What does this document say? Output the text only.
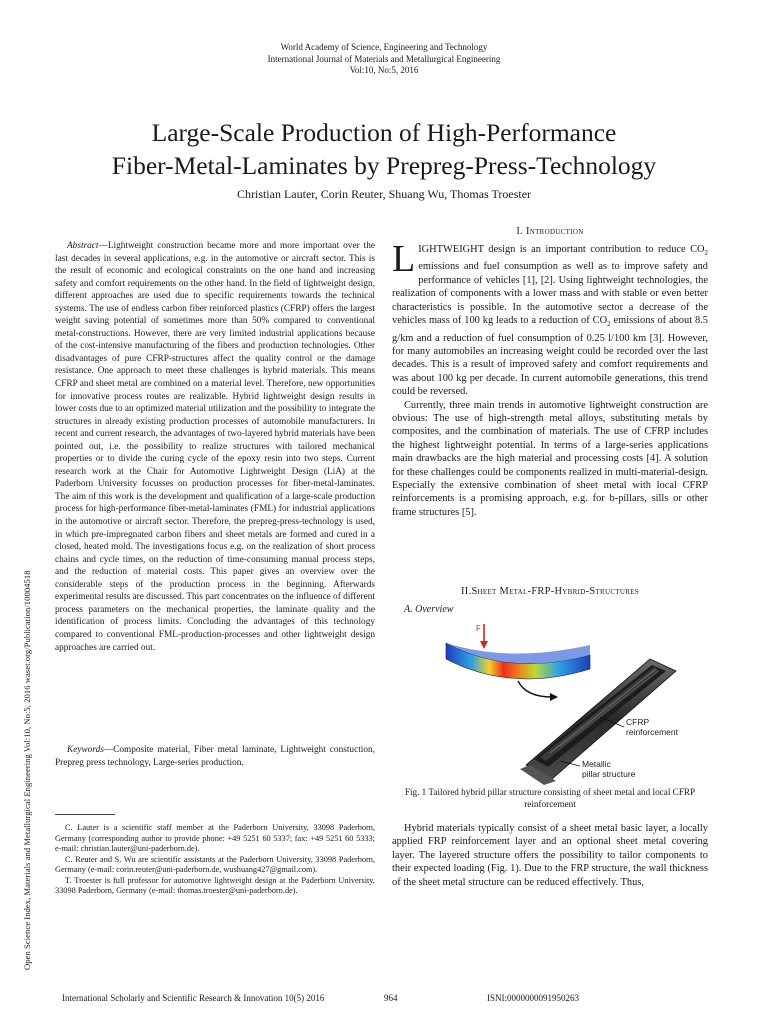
World Academy of Science, Engineering and Technology
International Journal of Materials and Metallurgical Engineering
Vol:10, No:5, 2016
Large-Scale Production of High-Performance
Fiber-Metal-Laminates by Prepreg-Press-Technology
Christian Lauter, Corin Reuter, Shuang Wu, Thomas Troester
Open Science Index, Materials and Metallurgical Engineering Vol:10, No:5, 2016 waset.org/Publication/10004518

Abstract—Lightweight construction became more and more important over the last decades in several applications, e.g. in the automotive or aircraft sector. This is the result of economic and ecological constraints on the one hand and increasing safety and comfort requirements on the other hand. In the field of lightweight design, different approaches are used due to specific requirements towards the technical systems. The use of endless carbon fiber reinforced plastics (CFRP) offers the largest weight saving potential of sometimes more than 50% compared to conventional metal-constructions. However, there are very limited industrial applications because of the cost-intensive manufacturing of the fibers and production technologies. Other disadvantages of pure CFRP-structures affect the quality control or the damage resistance. One approach to meet these challenges is hybrid materials. This means CFRP and sheet metal are combined on a material level. Therefore, new opportunities for innovative process routes are realizable. Hybrid lightweight design results in lower costs due to an optimized material utilization and the possibility to integrate the structures in already existing production processes of automobile manufacturers. In recent and current research, the advantages of two-layered hybrid materials have been pointed out, i.e. the possibility to realize structures with tailored mechanical properties or to divide the curing cycle of the epoxy resin into two steps. Current research work at the Chair for Automotive Lightweight Design (LiA) at the Paderborn University focusses on production processes for fiber-metal-laminates. The aim of this work is the development and qualification of a large-scale production process for high-performance fiber-metal-laminates (FML) for industrial applications in the automotive or aircraft sector. Therefore, the prepreg-press-technology is used, in which pre-impregnated carbon fibers and sheet metals are formed and cured in a closed, heated mold. The investigations focus e.g. on the realization of short process chains and cycle times, on the reduction of time-consuming manual process steps, and the reduction of material costs. This paper gives an overview over the considerable steps of the production process in the beginning. Afterwards experimental results are discussed. This part concentrates on the influence of different process parameters on the mechanical properties, the laminate quality and the identification of process limits. Concluding the advantages of this technology compared to conventional FML-production-processes and other lightweight design approaches are carried out.

Keywords—Composite material, Fiber metal laminate, Lightweight constuction, Prepreg press technology, Large-series production.

C. Lauter is a scientific staff member at the Paderborn University, 33098 Paderborn, Germany (corresponding author to provide phone: +49 5251 60 5337; fax: +49 5251 60 5333; e-mail: christian.lauter@uni-paderborn.de).

C. Reuter and S. Wu are scientific assistants at the Paderborn University, 33098 Paderborn, Germany (e-mail: corin.reuter@uni-paderborn.de, wushuang427@gmail.com).

T. Troester is full professor for automotive lightweight design at the Paderborn University, 33098 Paderborn, Germany (e-mail: thomas.troester@uni-paderborn.de).

I. Introduction

LIGHTWEIGHT design is an important contribution to reduce $CO_2$ emissions and fuel consumption as well as to improve safety and performance of vehicles [1], [2]. Using lightweight technologies, the realization of components with a lower mass and with stable or even better characteristics is possible. In the automotive sector a decrease of the vehicles mass of 100 kg leads to a reduction of $CO_2$ emissions of about 8.5 g/km and a reduction of fuel consumption of 0.25 l/100 km [3]. However, for many automobiles an increasing weight could be recorded over the last decades. This is a result of improved safety and comfort requirements and was about 100 kg per decade. In current automobile generations, this trend could be reversed.

Currently, three main trends in automotive lightweight construction are obvious: The use of high-strength metal alloys, substituting metals by composites, and the combination of materials. The use of CFRP includes the highest lightweight potential. In terms of a large-series applications main drawbacks are the high material and processing costs [4]. A solution for these challenges could be components realized in multi-material-design. Especially the extensive combination of sheet metal with local CFRP reinforcements is a promising approach, e.g. for b-pillars, sills or other frame structures [5].

II.Sheet Metal-FRP-Hybrid-Structures
A. Overview
F
CFRP
reinforcement
Metallic
pillar structure
Fig. 1 Tailored hybrid pillar structure consisting of sheet metal and local CFRP reinforcement

Hybrid materials typically consist of a sheet metal basic layer, a locally applied FRP reinforcement layer and an optional sheet metal covering layer. The layered structure offers the possibility to tailor components to their expected loading (Fig. 1). Due to the FRP structure, the wall thickness of the sheet metal structure can be reduced effectively. Thus,

International Scholarly and Scientific Research & Innovation 10(5) 2016	964	ISNI:0000000091950263
